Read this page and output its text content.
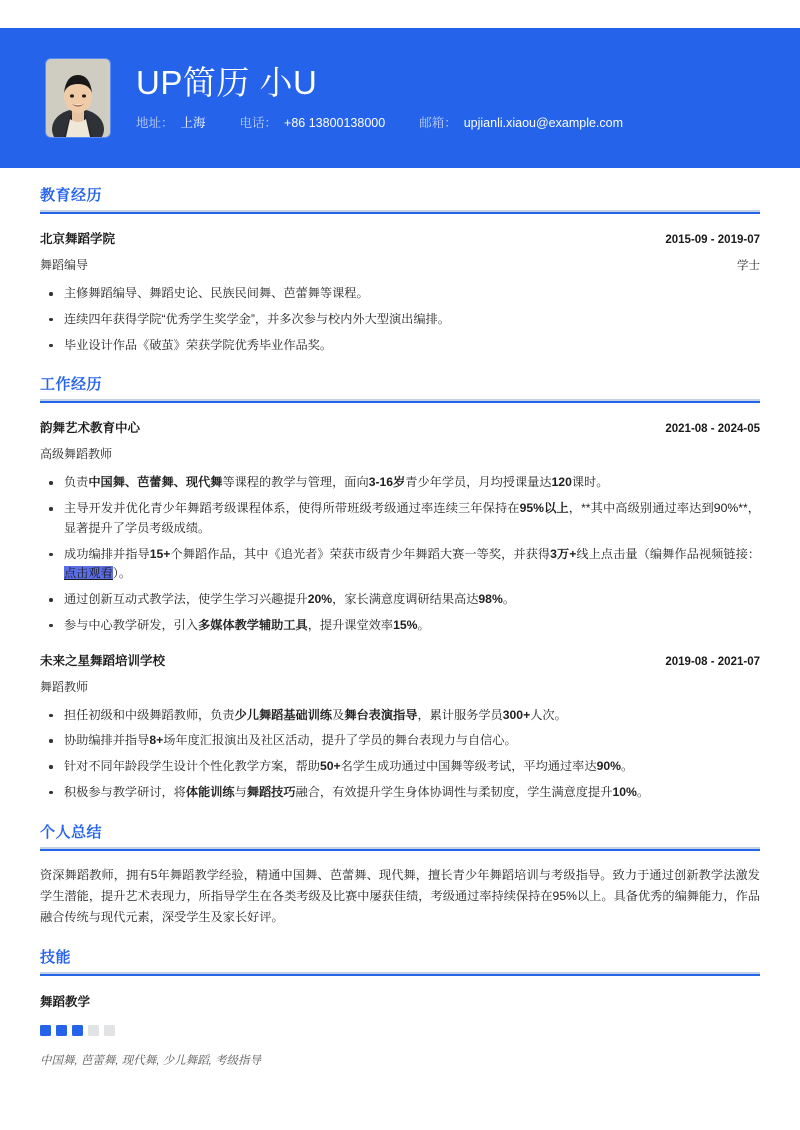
UP简历 小U
地址： 上海	电话： +86 13800138000	邮箱： upjianli.xiaou@example.com
教育经历
北京舞蹈学院	2015-09 - 2019-07
舞蹈编导	学士
主修舞蹈编导、舞蹈史论、民族民间舞、芭蕾舞等课程。
连续四年获得学院“优秀学生奖学金”，并多次参与校内外大型演出编排。
毕业设计作品《破茧》荣获学院优秀毕业作品奖。
工作经历
韵舞艺术教育中心	2021-08 - 2024-05
高级舞蹈教师
负责中国舞、芭蕾舞、现代舞等课程的教学与管理，面向3-16岁青少年学员，月均授课量达120课时。
主导开发并优化青少年舞蹈考级课程体系，使得所带班级考级通过率连续三年保持在95%以上，**其中高级别通过率达到90%**，显著提升了学员考级成绩。
成功编排并指导15+个舞蹈作品，其中《追光者》荣获市级青少年舞蹈大赛一等奖，并获得3万+线上点击量（编舞作品视频链接：点击观看）。
通过创新互动式教学法，使学生学习兴趣提升20%，家长满意度调研结果高达98%。
参与中心教学研发，引入多媒体教学辅助工具，提升课堂效率15%。
未来之星舞蹈培训学校	2019-08 - 2021-07
舞蹈教师
担任初级和中级舞蹈教师，负责少儿舞蹈基础训练及舞台表演指导，累计服务学员300+人次。
协助编排并指导8+场年度汇报演出及社区活动，提升了学员的舞台表现力与自信心。
针对不同年龄段学生设计个性化教学方案，帮助50+名学生成功通过中国舞等级考试，平均通过率达90%。
积极参与教学研讨，将体能训练与舞蹈技巧融合，有效提升学生身体协调性与柔韧度，学生满意度提升10%。
个人总结

资深舞蹈教师，拥有5年舞蹈教学经验，精通中国舞、芭蕾舞、现代舞，擅长青少年舞蹈培训与考级指导。致力于通过创新教学法激发学生潜能，提升艺术表现力，所指导学生在各类考级及比赛中屡获佳绩，考级通过率持续保持在95%以上。具备优秀的编舞能力，作品融合传统与现代元素，深受学生及家长好评。

技能
舞蹈教学
中国舞, 芭蕾舞, 现代舞, 少儿舞蹈, 考级指导
